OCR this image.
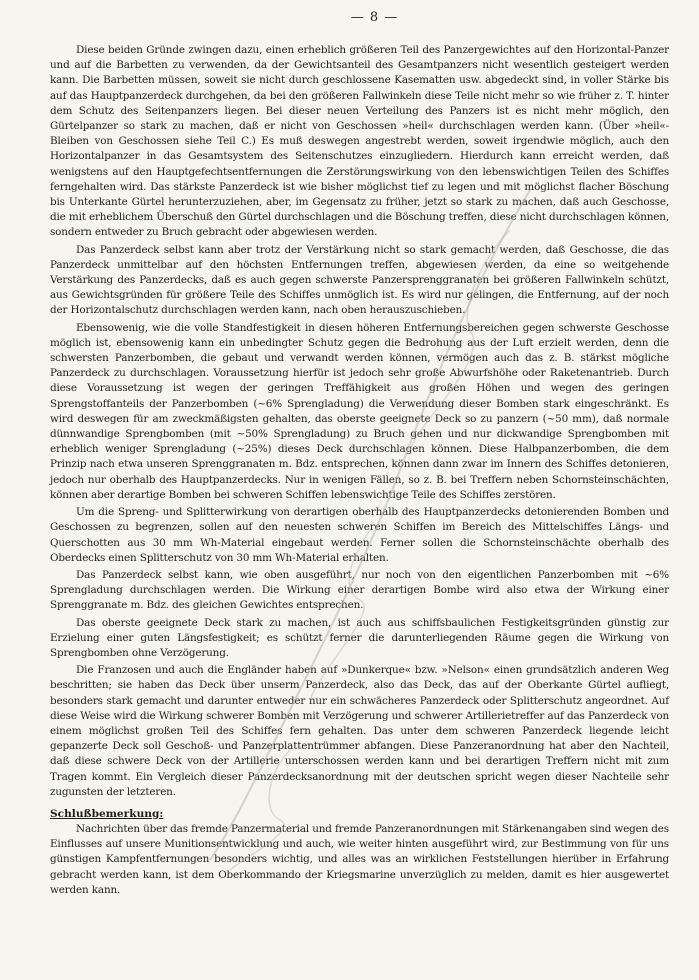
— 8 —

Diese beiden Gründe zwingen dazu, einen erheblich größeren Teil des Panzergewichtes auf den Horizontal-Panzer und auf die Barbetten zu verwenden, da der Gewichtsanteil des Gesamtpanzers nicht wesentlich gesteigert werden kann. Die Barbetten müssen, soweit sie nicht durch geschlossene Kasematten usw. abgedeckt sind, in voller Stärke bis auf das Hauptpanzerdeck durchgehen, da bei den größeren Fallwinkeln diese Teile nicht mehr so wie früher z. T. hinter dem Schutz des Seitenpanzers liegen. Bei dieser neuen Verteilung des Panzers ist es nicht mehr möglich, den Gürtelpanzer so stark zu machen, daß er nicht von Geschossen »heil« durchschlagen werden kann. (Über »heil«-Bleiben von Geschossen siehe Teil C.) Es muß deswegen angestrebt werden, soweit irgendwie möglich, auch den Horizontalpanzer in das Gesamtsystem des Seitenschutzes einzugliedern. Hierdurch kann erreicht werden, daß wenigstens auf den Hauptgefechtsentfernungen die Zerstörungswirkung von den lebenswichtigen Teilen des Schiffes ferngehalten wird. Das stärkste Panzerdeck ist wie bisher möglichst tief zu legen und mit möglichst flacher Böschung bis Unterkante Gürtel herunterzuziehen, aber, im Gegensatz zu früher, jetzt so stark zu machen, daß auch Geschosse, die mit erheblichem Überschuß den Gürtel durchschlagen und die Böschung treffen, diese nicht durchschlagen können, sondern entweder zu Bruch gebracht oder abgewiesen werden.

Das Panzerdeck selbst kann aber trotz der Verstärkung nicht so stark gemacht werden, daß Geschosse, die das Panzerdeck unmittelbar auf den höchsten Entfernungen treffen, abgewiesen werden, da eine so weitgehende Verstärkung des Panzerdecks, daß es auch gegen schwerste Panzersprenggranaten bei größeren Fallwinkeln schützt, aus Gewichtsgründen für größere Teile des Schiffes unmöglich ist. Es wird nur gelingen, die Entfernung, auf der noch der Horizontalschutz durchschlagen werden kann, nach oben herauszuschieben.

Ebensowenig, wie die volle Standfestigkeit in diesen höheren Entfernungsbereichen gegen schwerste Geschosse möglich ist, ebensowenig kann ein unbedingter Schutz gegen die Bedrohung aus der Luft erzielt werden, denn die schwersten Panzerbomben, die gebaut und verwandt werden können, vermögen auch das z. B. stärkst mögliche Panzerdeck zu durchschlagen. Voraussetzung hierfür ist jedoch sehr große Abwurfshöhe oder Raketenantrieb. Durch diese Voraussetzung ist wegen der geringen Treffähigkeit aus großen Höhen und wegen des geringen Sprengstoffanteils der Panzerbomben (~6% Sprengladung) die Verwendung dieser Bomben stark eingeschränkt. Es wird deswegen für am zweckmäßigsten gehalten, das oberste geeignete Deck so zu panzern (~50 mm), daß normale dünnwandige Sprengbomben (mit ~50% Sprengladung) zu Bruch gehen und nur dickwandige Sprengbomben mit erheblich weniger Sprengladung (~25%) dieses Deck durchschlagen können. Diese Halbpanzerbomben, die dem Prinzip nach etwa unseren Sprenggranaten m. Bdz. entsprechen, können dann zwar im Innern des Schiffes detonieren, jedoch nur oberhalb des Hauptpanzerdecks. Nur in wenigen Fällen, so z. B. bei Treffern neben Schornsteinschächten, können aber derartige Bomben bei schweren Schiffen lebenswichtige Teile des Schiffes zerstören.

Um die Spreng- und Splitterwirkung von derartigen oberhalb des Hauptpanzerdecks detonierenden Bomben und Geschossen zu begrenzen, sollen auf den neuesten schweren Schiffen im Bereich des Mittelschiffes Längs- und Querschotten aus 30 mm Wh-Material eingebaut werden. Ferner sollen die Schornsteinschächte oberhalb des Oberdecks einen Splitterschutz von 30 mm Wh-Material erhalten.

Das Panzerdeck selbst kann, wie oben ausgeführt, nur noch von den eigentlichen Panzerbomben mit ~6% Sprengladung durchschlagen werden. Die Wirkung einer derartigen Bombe wird also etwa der Wirkung einer Sprenggranate m. Bdz. des gleichen Gewichtes entsprechen.

Das oberste geeignete Deck stark zu machen, ist auch aus schiffsbaulichen Festigkeitsgründen günstig zur Erzielung einer guten Längsfestigkeit; es schützt ferner die darunterliegenden Räume gegen die Wirkung von Sprengbomben ohne Verzögerung.

Die Franzosen und auch die Engländer haben auf »Dunkerque« bzw. »Nelson« einen grundsätzlich anderen Weg beschritten; sie haben das Deck über unserm Panzerdeck, also das Deck, das auf der Oberkante Gürtel aufliegt, besonders stark gemacht und darunter entweder nur ein schwächeres Panzerdeck oder Splitterschutz angeordnet. Auf diese Weise wird die Wirkung schwerer Bomben mit Verzögerung und schwerer Artillerietreffer auf das Panzerdeck von einem möglichst großen Teil des Schiffes fern gehalten. Das unter dem schweren Panzerdeck liegende leicht gepanzerte Deck soll Geschoß- und Panzerplattentrümmer abfangen. Diese Panzeranordnung hat aber den Nachteil, daß diese schwere Deck von der Artillerie unterschossen werden kann und bei derartigen Treffern nicht mit zum Tragen kommt. Ein Vergleich dieser Panzerdecksanordnung mit der deutschen spricht wegen dieser Nachteile sehr zugunsten der letzteren.

Schlußbemerkung:

Nachrichten über das fremde Panzermaterial und fremde Panzeranordnungen mit Stärkenangaben sind wegen des Einflusses auf unsere Munitionsentwicklung und auch, wie weiter hinten ausgeführt wird, zur Bestimmung von für uns günstigen Kampfentfernungen besonders wichtig, und alles was an wirklichen Feststellungen hierüber in Erfahrung gebracht werden kann, ist dem Oberkommando der Kriegsmarine unverzüglich zu melden, damit es hier ausgewertet werden kann.
